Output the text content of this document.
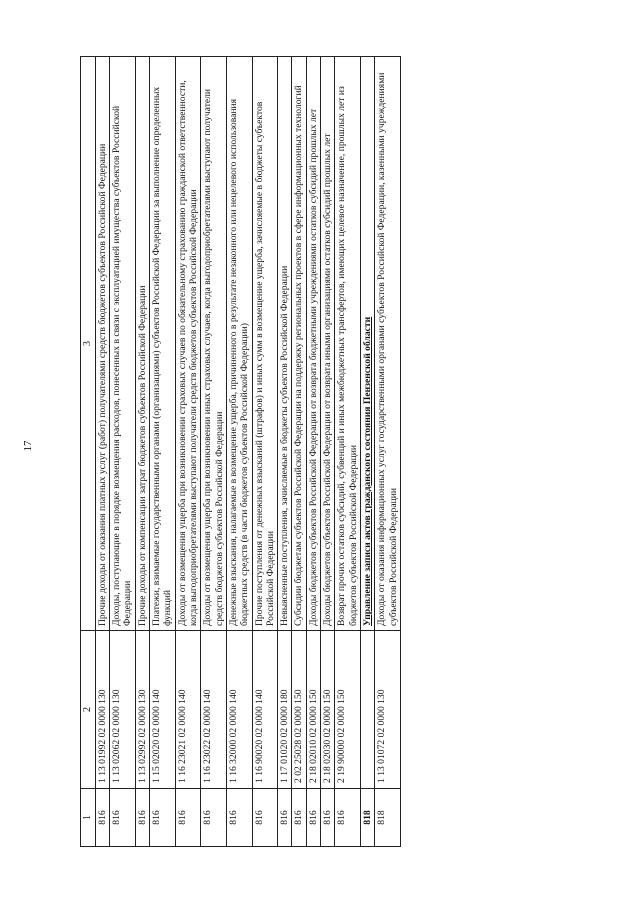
17
1	2	3
816	1 13 01992 02 0000 130	Прочие доходы от оказания платных услуг (работ) получателями средств бюджетов субъектов Российской Федерации
816	1 13 02062 02 0000 130	Доходы, поступающие в порядке возмещения расходов, понесенных в связи с эксплуатацией имущества субъектов Российской Федерации
816	1 13 02992 02 0000 130	Прочие доходы от компенсации затрат бюджетов субъектов Российской Федерации
816	1 15 02020 02 0000 140	Платежи, взимаемые государственными органами (организациями) субъектов Российской Федерации за выполнение определенных функций
816	1 16 23021 02 0000 140	Доходы от возмещения ущерба при возникновении страховых случаев по обязательному страхованию гражданской ответственности, когда выгодоприобретателями выступают получатели средств бюджетов субъектов Российской Федерации
816	1 16 23022 02 0000 140	Доходы от возмещения ущерба при возникновении иных страховых случаев, когда выгодоприобретателями выступают получатели средств бюджетов субъектов Российской Федерации
816	1 16 32000 02 0000 140	Денежные взыскания, налагаемые в возмещение ущерба, причиненного в результате незаконного или нецелевого использования бюджетных средств (в части бюджетов субъектов Российской Федерации)
816	1 16 90020 02 0000 140	Прочие поступления от денежных взысканий (штрафов) и иных сумм в возмещение ущерба, зачисляемые в бюджеты субъектов Российской Федерации
816	1 17 01020 02 0000 180	Невыясненные поступления, зачисляемые в бюджеты субъектов Российской Федерации
816	2 02 25028 02 0000 150	Субсидии бюджетам субъектов Российской Федерации на поддержку региональных проектов в сфере информационных технологий
816	2 18 02010 02 0000 150	Доходы бюджетов субъектов Российской Федерации от возврата бюджетными учреждениями остатков субсидий прошлых лет
816	2 18 02030 02 0000 150	Доходы бюджетов субъектов Российской Федерации от возврата иными организациями остатков субсидий прошлых лет
816	2 19 90000 02 0000 150	Возврат прочих остатков субсидий, субвенций и иных межбюджетных трансфертов, имеющих целевое назначение, прошлых лет из бюджетов субъектов Российской Федерации
818		Управление записи актов гражданского состояния Пензенской области
818	1 13 01072 02 0000 130	Доходы от оказания информационных услуг государственными органами субъектов Российской Федерации, казенными учреждениями субъектов Российской Федерации
